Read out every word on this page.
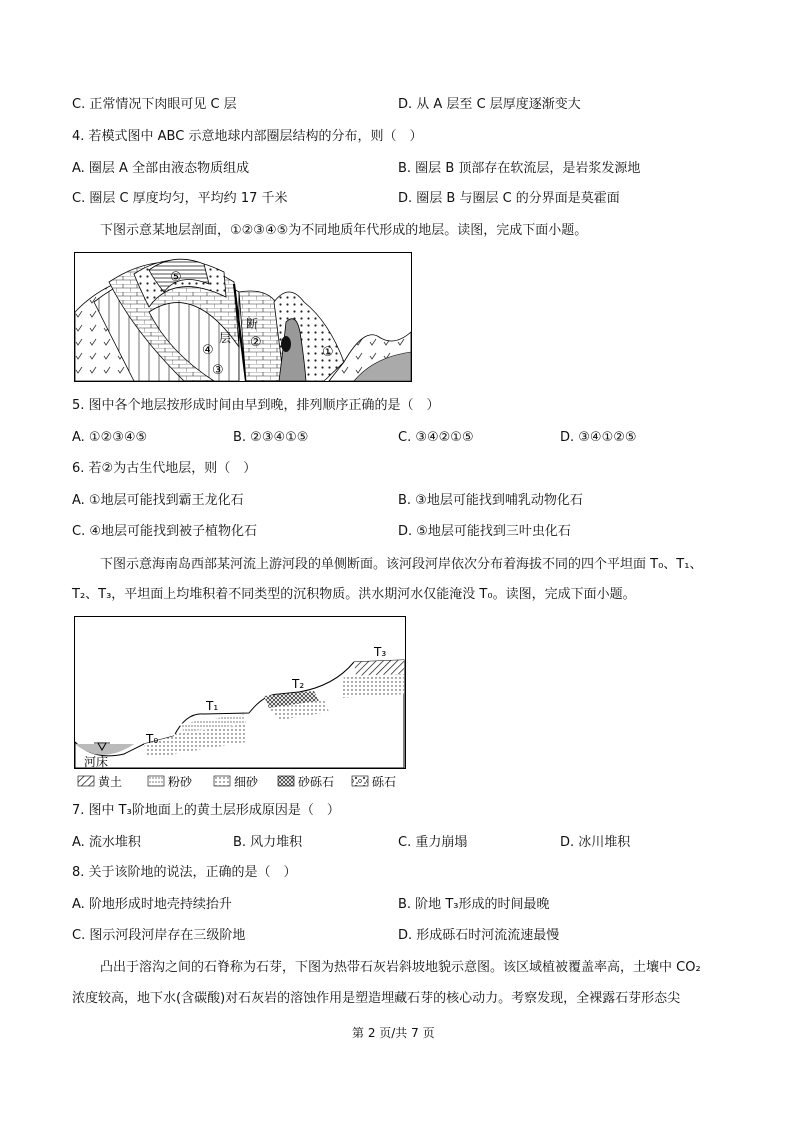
C. 正常情况下肉眼可见 C 层	D. 从 A 层至 C 层厚度逐渐变大
4. 若模式图中 ABC 示意地球内部圈层结构的分布，则（　）
A. 圈层 A 全部由液态物质组成	B. 圈层 B 顶部存在软流层，是岩浆发源地
C. 圈层 C 厚度均匀，平均约 17 千米	D. 圈层 B 与圈层 C 的分界面是莫霍面
下图示意某地层剖面，①②③④⑤为不同地质年代形成的地层。读图，完成下面小题。
⑤
④
③
②
①
断
层
5. 图中各个地层按形成时间由早到晚，排列顺序正确的是（　）
A. ①②③④⑤	B. ②③④①⑤	C. ③④②①⑤	D. ③④①②⑤
6. 若②为古生代地层，则（　）
A. ①地层可能找到霸王龙化石	B. ③地层可能找到哺乳动物化石
C. ④地层可能找到被子植物化石	D. ⑤地层可能找到三叶虫化石
下图示意海南岛西部某河流上游河段的单侧断面。该河段河岸依次分布着海拔不同的四个平坦面 T₀、T₁、
T₂、T₃，平坦面上均堆积着不同类型的沉积物质。洪水期河水仅能淹没 T₀。读图，完成下面小题。
T₀
T₁
T₂
T₃
河床
黄土	粉砂	细砂	砂砾石	砾石
7. 图中 T₃阶地面上的黄土层形成原因是（　）
A. 流水堆积	B. 风力堆积	C. 重力崩塌	D. 冰川堆积
8. 关于该阶地的说法，正确的是（　）
A. 阶地形成时地壳持续抬升	B. 阶地 T₃形成的时间最晚
C. 图示河段河岸存在三级阶地	D. 形成砾石时河流流速最慢
凸出于溶沟之间的石脊称为石芽，下图为热带石灰岩斜坡地貌示意图。该区域植被覆盖率高，土壤中 CO₂
浓度较高，地下水(含碳酸)对石灰岩的溶蚀作用是塑造埋藏石芽的核心动力。考察发现，全裸露石芽形态尖
第 2 页/共 7 页
